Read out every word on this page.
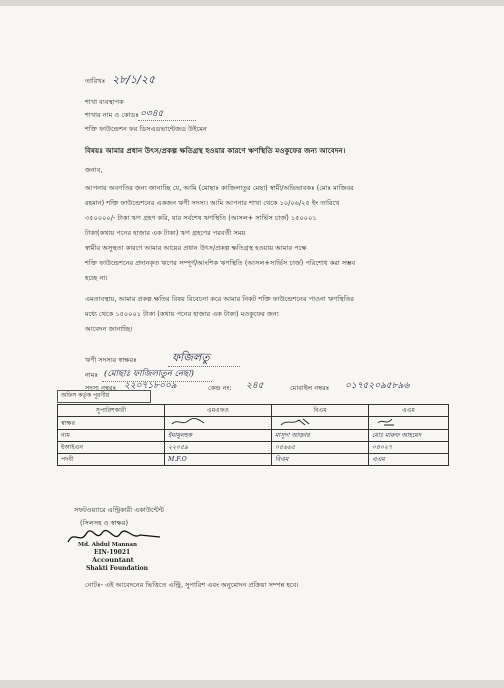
তারিখঃ ২৮/১/২৫
শাখা ব্যবস্থাপক
শাখার নাম ও কোডঃ ০৩৪৫
শক্তি ফাউন্ডেশন ফর ডিসএডভান্টেজড উইমেন
বিষয়ঃ আমার প্রধান উৎস/প্রকল্প ক্ষতিগ্রস্থ হওয়ার কারণে ঋণস্থিতি মওকুফের জন্য আবেদন।
জনাব,
আপনার অবগতির জন্য জানাচ্ছি যে, আমি (মোছাঃ কাজিলাতুর মেছা) স্বামী/অভিভাবকঃ (মোঃ মাজিবর
রহমান) শক্তি ফাউন্ডেশনের একজন ঋণী সদস্য। আমি আপনার শাখা থেকে ১০/০৬/২৫ ইং তারিখে
৩৫০০০০/- টাকা ঋণ গ্রহণ করি, যার সর্বশেষ ঋণস্থিতি (আসল+ সার্ভিস চার্জ) ১৫০০০১
টাকা(কথায় পনের হাজার এক টাকা) ঋণ গ্রহণের পরবর্তী সময়
স্বামীর অসুস্থতা কারণে আমার আয়ের প্রধান উৎস/প্রকল্প ক্ষতিগ্রস্থ হওয়ায় আমার পক্ষে
শক্তি ফাউন্ডেশনের প্রদানকৃত ঋণের সম্পূর্ণ/আংশিক ঋণস্থিতি (আসল+সার্ভিস চার্জ) পরিশোধ করা সম্ভব
হচ্ছে না।
এমতাবস্থায়, আমার প্রকল্প ক্ষতির বিষয় বিবেচনা করে আমার নিকট শক্তি ফাউন্ডেশনের পাওনা ঋণস্থিতির
মধ্যে থেকে ১৫০০০১ টাকা (কথায় পনের হাজার এক টাকা) মওকুফের জন্য
আবেদন জানাচ্ছি।
ঋণী সদস্যর স্বাক্ষরঃ	ফজিলতু
নামঃ (মোছাঃ ফাজিলাতুন নেছা)
সদস্য নম্বরঃ ২২০৭১৮০০৯	কেন্দ্র নং: ২৪৫	মোবাইল নম্বরঃ ০১৭৫২০৯৫৮৯৬
অফিস কর্তৃক পূরণীয়
সুপারিশকারী	এমএফও	বিএম	এএম
স্বাক্ষর			
নাম	ইমামুলহক	মাসুদা আক্তার	মোঃ মারুফ আহমেদ
ইআইএন	২২০৫৯	০৫৬৬৫	০৪০২৭
পদবী	M.F.O	বিএম	এএম
সফটওয়্যারে এন্ট্রিকারী একাউন্টেন্ট
(সিলসহ ও স্বাক্ষর)
Md. Abdul Mannan
EIN-19021
Accountant
Shakti Foundation
নোটঃ- এই আবেদনের ভিত্তিতে এন্ট্রি, সুপারিশ এবং অনুমোদন প্রক্রিয়া সম্পন্ন হবে।
